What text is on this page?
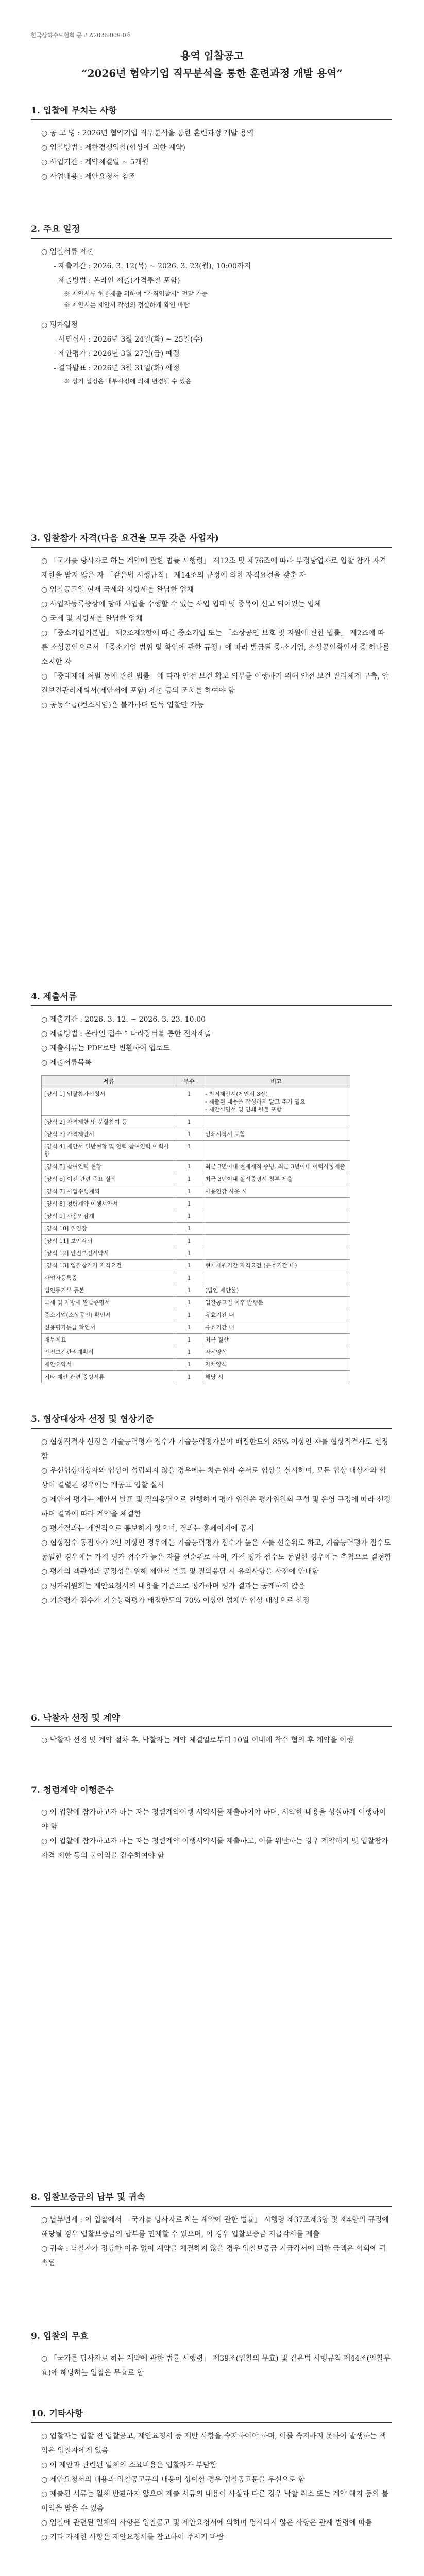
한국상하수도협회 공고 A2026-009-0호
용역 입찰공고
“2026년 협약기업 직무분석을 통한 훈련과정 개발 용역”
1. 입찰에 부치는 사항

○ 공 고 명 : 2026년 협약기업 직무분석을 통한 훈련과정 개발 용역

○ 입찰방법 : 제한경쟁입찰(협상에 의한 계약)

○ 사업기간 : 계약체결일 ~ 5개월

○ 사업내용 : 제안요청서 참조

2. 주요 일정

○ 입찰서류 제출

- 제출기간 : 2026. 3. 12(목) ~ 2026. 3. 23(월), 10:00까지

- 제출방법 : 온라인 제출(가격투찰 포함)

※ 제안서류 허용제출 위하여 “가격입찰서” 전달 가능

※ 제안서는 제안서 작성의 정실하게 확인 바람

○ 평가일정

- 서면심사 : 2026년 3월 24일(화) ~ 25일(수)

- 제안평가 : 2026년 3월 27일(금) 예정

- 결과발표 : 2026년 3월 31일(화) 예정

※ 상기 일정은 내부사정에 의해 변경될 수 있음

3. 입찰참가 자격(다음 요건을 모두 갖춘 사업자)

○ 「국가를 당사자로 하는 계약에 관한 법률 시행령」 제12조 및 제76조에 따라 부정당업자로 입찰 참가 자격 제한을 받지 않은 자 「같은법 시행규칙」 제14조의 규정에 의한 자격요건을 갖춘 자

○ 입찰공고일 현재 국세와 지방세를 완납한 업체

○ 사업자등록증상에 당해 사업을 수행할 수 있는 사업 업태 및 종목이 신고 되어있는 업체

○ 국세 및 지방세를 완납한 업체

○ 「중소기업기본법」 제2조제2항에 따른 중소기업 또는 「소상공인 보호 및 지원에 관한 법률」 제2조에 따른 소상공인으로서 「중소기업 범위 및 확인에 관한 규정」에 따라 발급된 중·소기업, 소상공인확인서 중 하나를 소지한 자

○ 「중대재해 처벌 등에 관한 법률」에 따라 안전 보건 확보 의무를 이행하기 위해 안전 보건 관리체계 구축, 안전보건관리계획서(제안서에 포함) 제출 등의 조치를 하여야 함

○ 공동수급(컨소시엄)은 불가하며 단독 입찰만 가능

4. 제출서류

○ 제출기간 : 2026. 3. 12. ~ 2026. 3. 23. 10:00

○ 제출방법 : 온라인 접수 “ 나라장터를 통한 전자제출

○ 제출서류는 PDF로만 변환하여 업로드

○ 제출서류목록

서류	부수	비고
[양식 1] 입찰참가신청서	1	- 최저제안서(제안서 3장)
- 제출된 내용은 작성하지 말고 추가 필요
- 제안설명서 및 인쇄 원본 포함
[양식 2] 자격제한 및 분할참여 등	1	
[양식 3] 가격제안서	1	인쇄시작서 포함
[양식 4] 제안서 일반현황 및 인력 참여인력 이력사항	1	
[양식 5] 참여인력 현황	1	최근 3년이내 현재재직 증빙, 최근 3년이내 이력사항제출
[양식 6] 이전 관련 주요 실적	1	최근 3년이내 실적증명서 첨부 제출
[양식 7] 사업수행계획	1	사용인감 사용 시
[양식 8] 청렴계약 이행서약서	1	
[양식 9] 사용인감계	1	
[양식 10] 위임장	1	
[양식 11] 보안각서	1	
[양식 12] 안전보건서약서	1	
[양식 13] 입찰참가가 자격요건	1	현재재원기간 자격요건 (유효기간 내)
사업자등록증	1	
법인등기부 등본	1	(법인 제안한)
국세 및 지방세 완납증명서	1	입찰공고일 이후 발행분
중소기업(소상공인) 확인서	1	유효기간 내
신용평가등급 확인서	1	유효기간 내
재무제표	1	최근 결산
안전보건관리계획서	1	자체양식
제안요약서	1	자체양식
기타 제안 관련 증빙서류	1	해당 시
5. 협상대상자 선정 및 협상기준

○ 협상적격자 선정은 기술능력평가 점수가 기술능력평가분야 배점한도의 85% 이상인 자를 협상적격자로 선정함

○ 우선협상대상자와 협상이 성립되지 않을 경우에는 차순위자 순서로 협상을 실시하며, 모든 협상 대상자와 협상이 결렬된 경우에는 재공고 입찰 실시

○ 제안서 평가는 제안서 발표 및 질의응답으로 진행하며 평가 위원은 평가위원회 구성 및 운영 규정에 따라 선정하며 결과에 따라 계약을 체결함

○ 평가결과는 개별적으로 통보하지 않으며, 결과는 홈페이지에 공지

○ 협상점수 동점자가 2인 이상인 경우에는 기술능력평가 점수가 높은 자를 선순위로 하고, 기술능력평가 점수도 동일한 경우에는 가격 평가 점수가 높은 자를 선순위로 하며, 가격 평가 점수도 동일한 경우에는 추첨으로 결정함

○ 평가의 객관성과 공정성을 위해 제안서 발표 및 질의응답 시 유의사항을 사전에 안내함

○ 평가위원회는 제안요청서의 내용을 기준으로 평가하며 평가 결과는 공개하지 않음

○ 기술평가 점수가 기술능력평가 배점한도의 70% 이상인 업체만 협상 대상으로 선정

6. 낙찰자 선정 및 계약

○ 낙찰자 선정 및 계약 절차 후, 낙찰자는 계약 체결일로부터 10일 이내에 착수 협의 후 계약을 이행

7. 청렴계약 이행준수

○ 이 입찰에 참가하고자 하는 자는 청렴계약이행 서약서를 제출하여야 하며, 서약한 내용을 성실하게 이행하여야 함

○ 이 입찰에 참가하고자 하는 자는 청렴계약 이행서약서를 제출하고, 이를 위반하는 경우 계약해지 및 입찰참가자격 제한 등의 불이익을 감수하여야 함

8. 입찰보증금의 납부 및 귀속

○ 납부면제 : 이 입찰에서 「국가를 당사자로 하는 계약에 관한 법률」 시행령 제37조제3항 및 제4항의 규정에 해당될 경우 입찰보증금의 납부를 면제할 수 있으며, 이 경우 입찰보증금 지급각서를 제출

○ 귀속 : 낙찰자가 정당한 이유 없이 계약을 체결하지 않을 경우 입찰보증금 지급각서에 의한 금액은 협회에 귀속됨

9. 입찰의 무효

○ 「국가를 당사자로 하는 계약에 관한 법률 시행령」 제39조(입찰의 무효) 및 같은법 시행규칙 제44조(입찰무효)에 해당하는 입찰은 무효로 함

10. 기타사항

○ 입찰자는 입찰 전 입찰공고, 제안요청서 등 제반 사항을 숙지하여야 하며, 이를 숙지하지 못하여 발생하는 책임은 입찰자에게 있음

○ 이 제안과 관련된 일체의 소요비용은 입찰자가 부담함

○ 제안요청서의 내용과 입찰공고문의 내용이 상이할 경우 입찰공고문을 우선으로 함

○ 제출된 서류는 일체 반환하지 않으며 제출 서류의 내용이 사실과 다른 경우 낙찰 취소 또는 계약 해지 등의 불이익을 받을 수 있음

○ 입찰에 관련된 일체의 사항은 입찰공고 및 제안요청서에 의하며 명시되지 않은 사항은 관계 법령에 따름

○ 기타 자세한 사항은 제안요청서를 참고하여 주시기 바람
